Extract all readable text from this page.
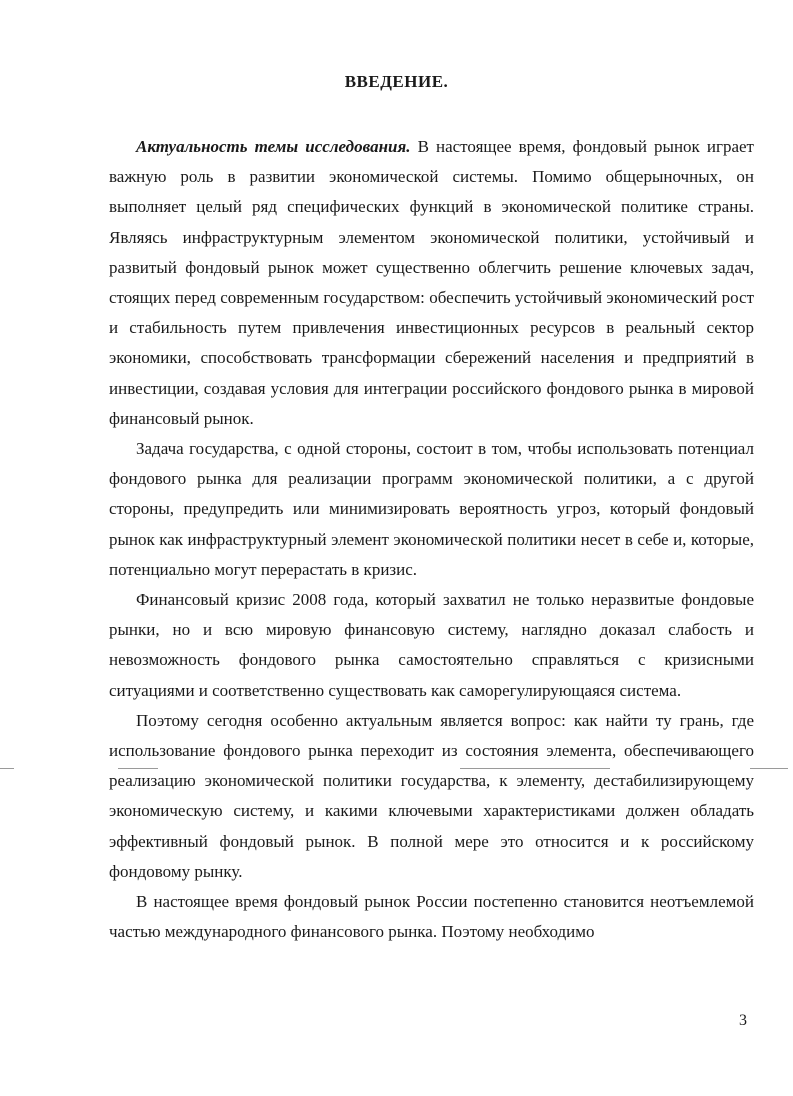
ВВЕДЕНИЕ.

Актуальность темы исследования. В настоящее время, фондовый рынок играет важную роль в развитии экономической системы. Помимо общерыночных, он выполняет целый ряд специфических функций в экономической политике страны. Являясь инфраструктурным элементом экономической политики, устойчивый и развитый фондовый рынок может существенно облегчить решение ключевых задач, стоящих перед современным государством: обеспечить устойчивый экономический рост и стабильность путем привлечения инвестиционных ресурсов в реальный сектор экономики, способствовать трансформации сбережений населения и предприятий в инвестиции, создавая условия для интеграции российского фондового рынка в мировой финансовый рынок.

Задача государства, с одной стороны, состоит в том, чтобы использовать потенциал фондового рынка для реализации программ экономической политики, а с другой стороны, предупредить или минимизировать вероятность угроз, который фондовый рынок как инфраструктурный элемент экономической политики несет в себе и, которые, потенциально могут перерастать в кризис.

Финансовый кризис 2008 года, который захватил не только неразвитые фондовые рынки, но и всю мировую финансовую систему, наглядно доказал слабость и невозможность фондового рынка самостоятельно справляться с кризисными ситуациями и соответственно существовать как саморегулирующаяся система.

Поэтому сегодня особенно актуальным является вопрос: как найти ту грань, где использование фондового рынка переходит из состояния элемента, обеспечивающего реализацию экономической политики государства, к элементу, дестабилизирующему экономическую систему, и какими ключевыми характеристиками должен обладать эффективный фондовый рынок. В полной мере это относится и к российскому фондовому рынку.

В настоящее время фондовый рынок России постепенно становится неотъемлемой частью международного финансового рынка. Поэтому необходимо

3
